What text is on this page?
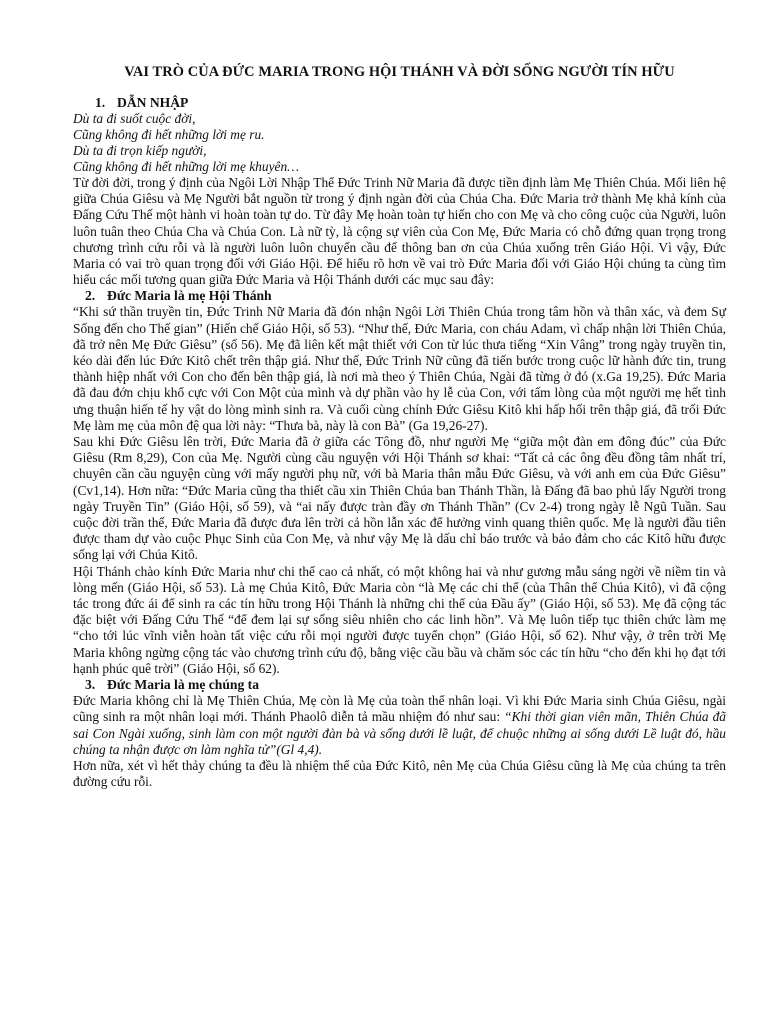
VAI TRÒ CỦA ĐỨC MARIA TRONG HỘI THÁNH VÀ ĐỜI SỐNG NGƯỜI TÍN HỮU
1. DẪN NHẬP

Dù ta đi suốt cuộc đời,

Cũng không đi hết những lời mẹ ru.

Dù ta đi trọn kiếp người,

Cũng không đi hết những lời mẹ khuyên…

Từ đời đời, trong ý định của Ngôi Lời Nhập Thể Đức Trinh Nữ Maria đã được tiền định làm Mẹ Thiên Chúa. Mối liên hệ giữa Chúa Giêsu và Mẹ Người bắt nguồn từ trong ý định ngàn đời của Chúa Cha. Đức Maria trở thành Mẹ khả kính của Đấng Cứu Thế một hành vi hoàn toàn tự do. Từ đây Mẹ hoàn toàn tự hiến cho con Mẹ và cho công cuộc của Người, luôn luôn tuân theo Chúa Cha và Chúa Con. Là nữ tỳ, là cộng sự viên của Con Mẹ, Đức Maria có chỗ đứng quan trọng trong chương trình cứu rỗi và là người luôn luôn chuyển cầu để thông ban ơn của Chúa xuống trên Giáo Hội. Vì vậy, Đức Maria có vai trò quan trọng đối với Giáo Hội. Để hiểu rõ hơn về vai trò Đức Maria đối với Giáo Hội chúng ta cùng tìm hiểu các mối tương quan giữa Đức Maria và Hội Thánh dưới các mục sau đây:

2. Đức Maria là mẹ Hội Thánh

“Khi sứ thần truyền tin, Đức Trinh Nữ Maria đã đón nhận Ngôi Lời Thiên Chúa trong tâm hồn và thân xác, và đem Sự Sống đến cho Thế gian” (Hiến chế Giáo Hội, số 53). “Như thế, Đức Maria, con cháu Adam, vì chấp nhận lời Thiên Chúa, đã trở nên Mẹ Đức Giêsu” (số 56). Mẹ đã liên kết mật thiết với Con từ lúc thưa tiếng “Xin Vâng” trong ngày truyền tin, kéo dài đến lúc Đức Kitô chết trên thập giá. Như thế, Đức Trinh Nữ cũng đã tiến bước trong cuộc lữ hành đức tin, trung thành hiệp nhất với Con cho đến bên thập giá, là nơi mà theo ý Thiên Chúa, Ngài đã từng ở đó (x.Ga 19,25). Đức Maria đã đau đớn chịu khổ cực với Con Một của mình và dự phần vào hy lễ của Con, với tấm lòng của một người mẹ hết tình ưng thuận hiến tế hy vật do lòng mình sinh ra. Và cuối cùng chính Đức Giêsu Kitô khi hấp hối trên thập giá, đã trối Đức Mẹ làm mẹ của môn đệ qua lời này: “Thưa bà, này là con Bà” (Ga 19,26-27).

Sau khi Đức Giêsu lên trời, Đức Maria đã ở giữa các Tông đồ, như người Mẹ “giữa một đàn em đông đúc” của Đức Giêsu (Rm 8,29), Con của Mẹ. Người cùng cầu nguyện với Hội Thánh sơ khai: “Tất cả các ông đều đồng tâm nhất trí, chuyên cần cầu nguyện cùng với mấy người phụ nữ, với bà Maria thân mẫu Đức Giêsu, và với anh em của Đức Giêsu” (Cv1,14). Hơn nữa: “Đức Maria cũng tha thiết cầu xin Thiên Chúa ban Thánh Thần, là Đấng đã bao phủ lấy Người trong ngày Truyền Tin” (Giáo Hội, số 59), và “ai nấy được tràn đầy ơn Thánh Thần” (Cv 2-4) trong ngày lễ Ngũ Tuần. Sau cuộc đời trần thế, Đức Maria đã được đưa lên trời cả hồn lẫn xác để hưởng vinh quang thiên quốc. Mẹ là người đầu tiên được tham dự vào cuộc Phục Sinh của Con Mẹ, và như vậy Mẹ là dấu chỉ báo trước và bảo đảm cho các Kitô hữu được sống lại với Chúa Kitô.

Hội Thánh chào kính Đức Maria như chi thể cao cả nhất, có một không hai và như gương mẫu sáng ngời về niềm tin và lòng mến (Giáo Hội, số 53). Là mẹ Chúa Kitô, Đức Maria còn “là Mẹ các chi thể (của Thân thể Chúa Kitô), vì đã cộng tác trong đức ái để sinh ra các tín hữu trong Hội Thánh là những chi thể của Đầu ấy” (Giáo Hội, số 53). Mẹ đã cộng tác đặc biệt với Đấng Cứu Thế “để đem lại sự sống siêu nhiên cho các linh hồn”. Và Mẹ luôn tiếp tục thiên chức làm mẹ “cho tới lúc vĩnh viễn hoàn tất việc cứu rỗi mọi người được tuyển chọn” (Giáo Hội, số 62). Như vậy, ở trên trời Mẹ Maria không ngừng cộng tác vào chương trình cứu độ, bằng việc cầu bầu và chăm sóc các tín hữu “cho đến khi họ đạt tới hạnh phúc quê trời” (Giáo Hội, số 62).

3. Đức Maria là mẹ chúng ta

Đức Maria không chỉ là Mẹ Thiên Chúa, Mẹ còn là Mẹ của toàn thể nhân loại. Vì khi Đức Maria sinh Chúa Giêsu, ngài cũng sinh ra một nhân loại mới. Thánh Phaolô diễn tả mầu nhiệm đó như sau: “Khi thời gian viên mãn, Thiên Chúa đã sai Con Ngài xuống, sinh làm con một người đàn bà và sống dưới lề luật, để chuộc những ai sống dưới Lề luật đó, hầu chúng ta nhận được ơn làm nghĩa tử”(Gl 4,4).

Hơn nữa, xét vì hết thảy chúng ta đều là nhiệm thể của Đức Kitô, nên Mẹ của Chúa Giêsu cũng là Mẹ của chúng ta trên đường cứu rỗi.
